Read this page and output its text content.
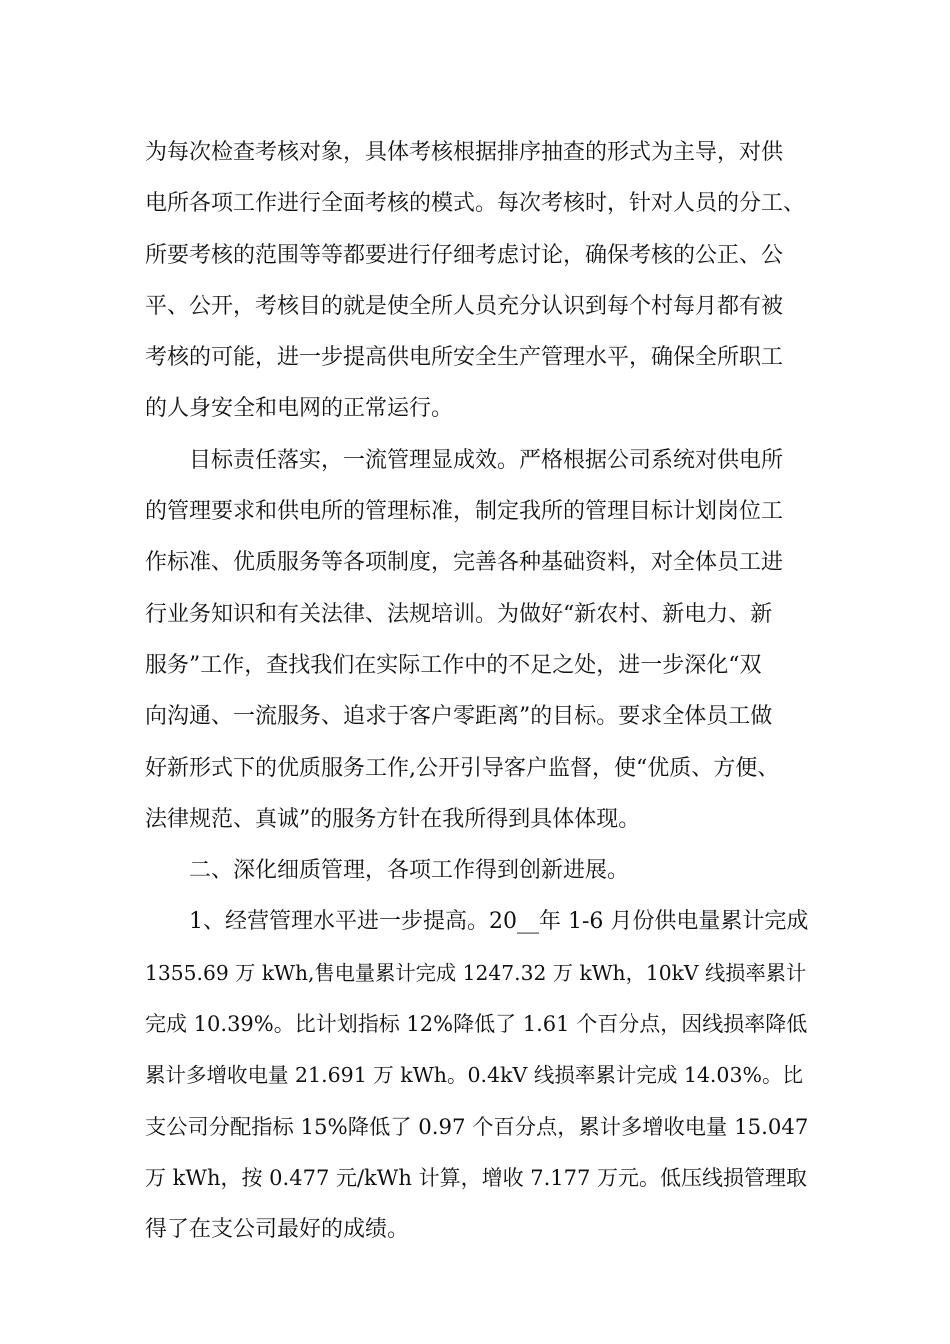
为每次检查考核对象，具体考核根据排序抽查的形式为主导，对供
电所各项工作进行全面考核的模式。每次考核时，针对人员的分工、
所要考核的范围等等都要进行仔细考虑讨论，确保考核的公正、公
平、公开，考核目的就是使全所人员充分认识到每个村每月都有被
考核的可能，进一步提高供电所安全生产管理水平，确保全所职工
的人身安全和电网的正常运行。
目标责任落实，一流管理显成效。严格根据公司系统对供电所
的管理要求和供电所的管理标准，制定我所的管理目标计划岗位工
作标准、优质服务等各项制度，完善各种基础资料，对全体员工进
行业务知识和有关法律、法规培训。为做好“新农村、新电力、新
服务”工作，查找我们在实际工作中的不足之处，进一步深化“双
向沟通、一流服务、追求于客户零距离”的目标。要求全体员工做
好新形式下的优质服务工作,公开引导客户监督，使“优质、方便、
法律规范、真诚”的服务方针在我所得到具体体现。
二、深化细质管理，各项工作得到创新进展。
1、经营管理水平进一步提高。20__年 1-6 月份供电量累计完成
1355.69 万 kWh,售电量累计完成 1247.32 万 kWh，10kV 线损率累计
完成 10.39%。比计划指标 12%降低了 1.61 个百分点，因线损率降低
累计多增收电量 21.691 万 kWh。0.4kV 线损率累计完成 14.03%。比
支公司分配指标 15%降低了 0.97 个百分点，累计多增收电量 15.047
万 kWh，按 0.477 元/kWh 计算，增收 7.177 万元。低压线损管理取
得了在支公司最好的成绩。
